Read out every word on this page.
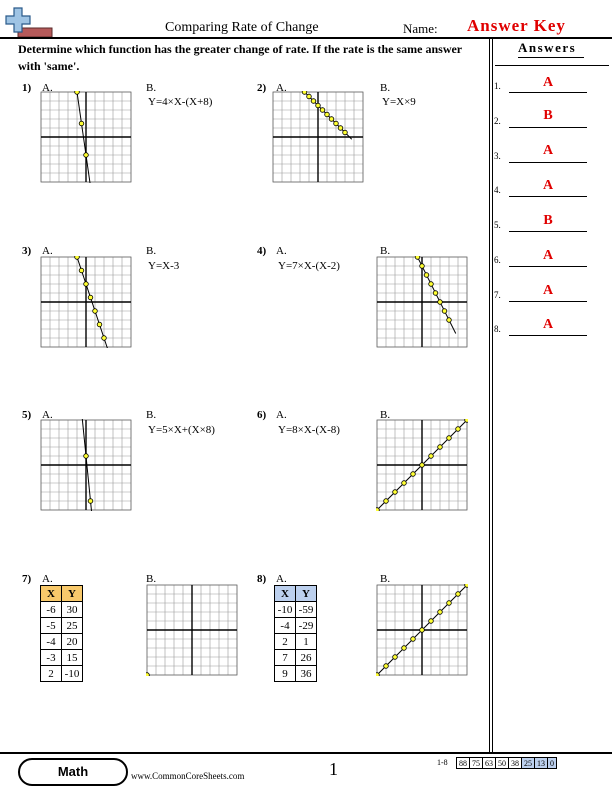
Comparing Rate of Change	Name: Answer Key
Determine which function has the greater change of rate. If the rate is the same answer with 'same'.
Answers
1.	A
2.	B
3.	A
4.	A
5.	B
6.	A
7.	A
8.	A
1) A.	B.
Y=4×X-(X+8)
2) A.	B.
Y=X×9
3) A.	B.
Y=X-3
4) A.
Y=7×X-(X-2)
B.
5) A.	B.
Y=5×X+(X×8)
6) A.
Y=8×X-(X-8)
B.
7) A.
X	Y
-6	30
-5	25
-4	20
-3	15
2	-10
B.	8) A.
X	Y
-10	-59
-4	-29
2	1
7	26
9	36
B.
Math	www.CommonCoreSheets.com	1	1-8 88	75	63	50	38	25	13	0
